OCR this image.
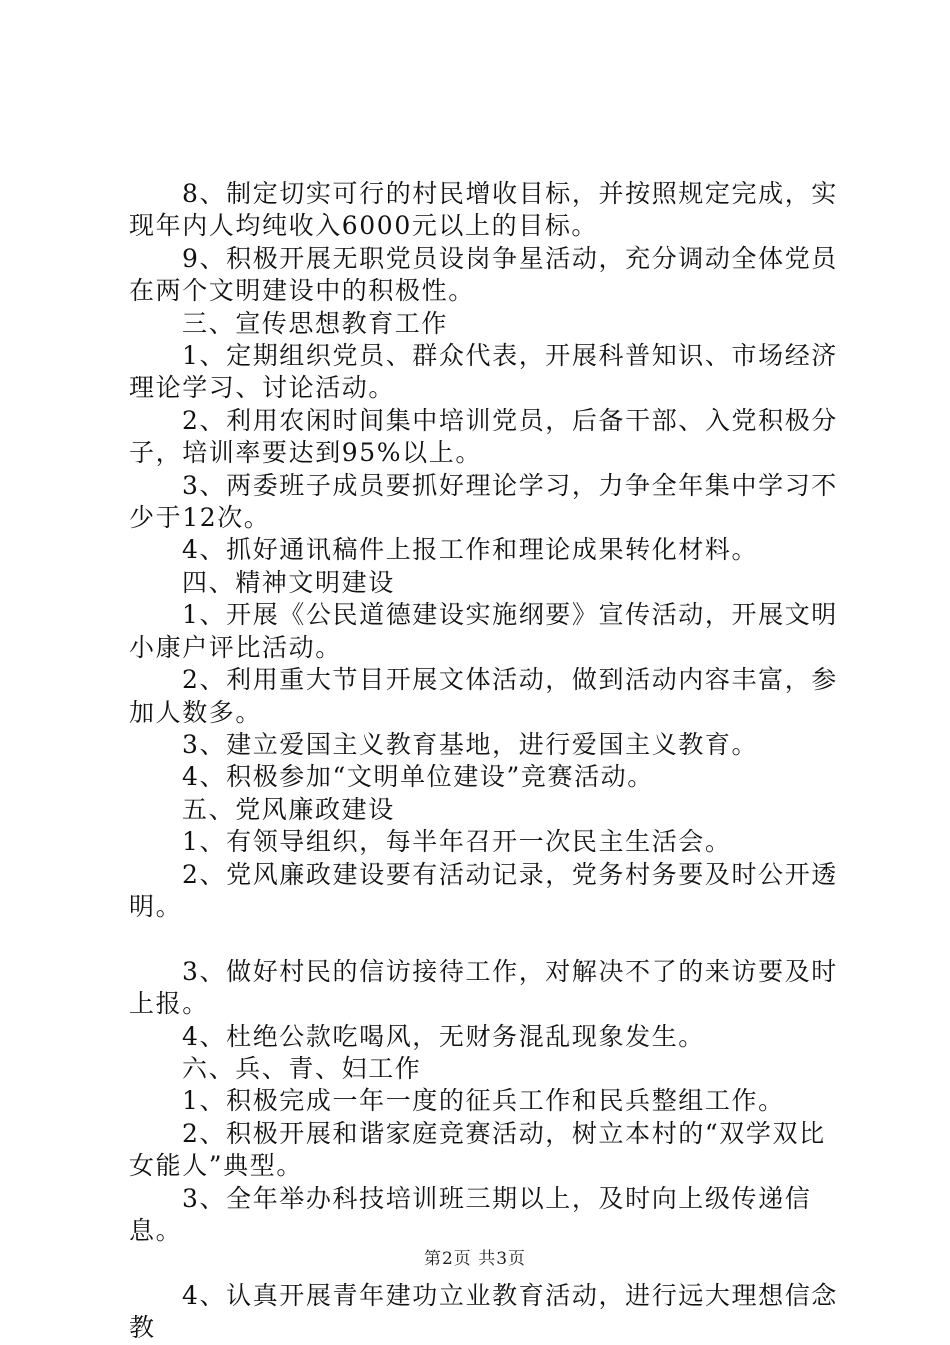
8、制定切实可行的村民增收目标，并按照规定完成，实现年内人均纯收入6000元以上的目标。

9、积极开展无职党员设岗争星活动，充分调动全体党员在两个文明建设中的积极性。

三、宣传思想教育工作

1、定期组织党员、群众代表，开展科普知识、市场经济理论学习、讨论活动。

2、利用农闲时间集中培训党员，后备干部、入党积极分子，培训率要达到95%以上。

3、两委班子成员要抓好理论学习，力争全年集中学习不少于12次。

4、抓好通讯稿件上报工作和理论成果转化材料。

四、精神文明建设

1、开展《公民道德建设实施纲要》宣传活动，开展文明小康户评比活动。

2、利用重大节目开展文体活动，做到活动内容丰富，参加人数多。

3、建立爱国主义教育基地，进行爱国主义教育。

4、积极参加“文明单位建设”竞赛活动。

五、党风廉政建设

1、有领导组织，每半年召开一次民主生活会。

2、党风廉政建设要有活动记录，党务村务要及时公开透明。

3、做好村民的信访接待工作，对解决不了的来访要及时上报。

4、杜绝公款吃喝风，无财务混乱现象发生。

六、兵、青、妇工作

1、积极完成一年一度的征兵工作和民兵整组工作。

2、积极开展和谐家庭竞赛活动，树立本村的“双学双比女能人”典型。

3、全年举办科技培训班三期以上，及时向上级传递信息。

4、认真开展青年建功立业教育活动，进行远大理想信念教

第2页 共3页
